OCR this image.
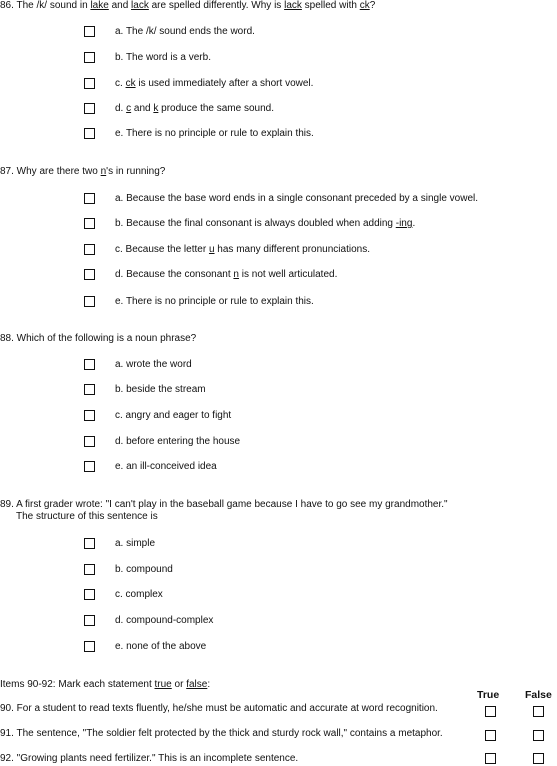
86. The /k/ sound in lake and lack are spelled differently. Why is lack spelled with ck?
a. The /k/ sound ends the word.
b. The word is a verb.
c. ck is used immediately after a short vowel.
d. c and k produce the same sound.
e. There is no principle or rule to explain this.
87. Why are there two n's in running?
a. Because the base word ends in a single consonant preceded by a single vowel.
b. Because the final consonant is always doubled when adding -ing.
c. Because the letter u has many different pronunciations.
d. Because the consonant n is not well articulated.
e. There is no principle or rule to explain this.
88. Which of the following is a noun phrase?
a. wrote the word
b. beside the stream
c. angry and eager to fight
d. before entering the house
e. an ill-conceived idea
89. A first grader wrote: "I can't play in the baseball game because I have to go see my grandmother."
The structure of this sentence is
a. simple
b. compound
c. complex
d. compound-complex
e. none of the above
Items 90-92: Mark each statement true or false:
True False
90. For a student to read texts fluently, he/she must be automatic and accurate at word recognition.
91. The sentence, "The soldier felt protected by the thick and sturdy rock wall," contains a metaphor.
92. "Growing plants need fertilizer." This is an incomplete sentence.
